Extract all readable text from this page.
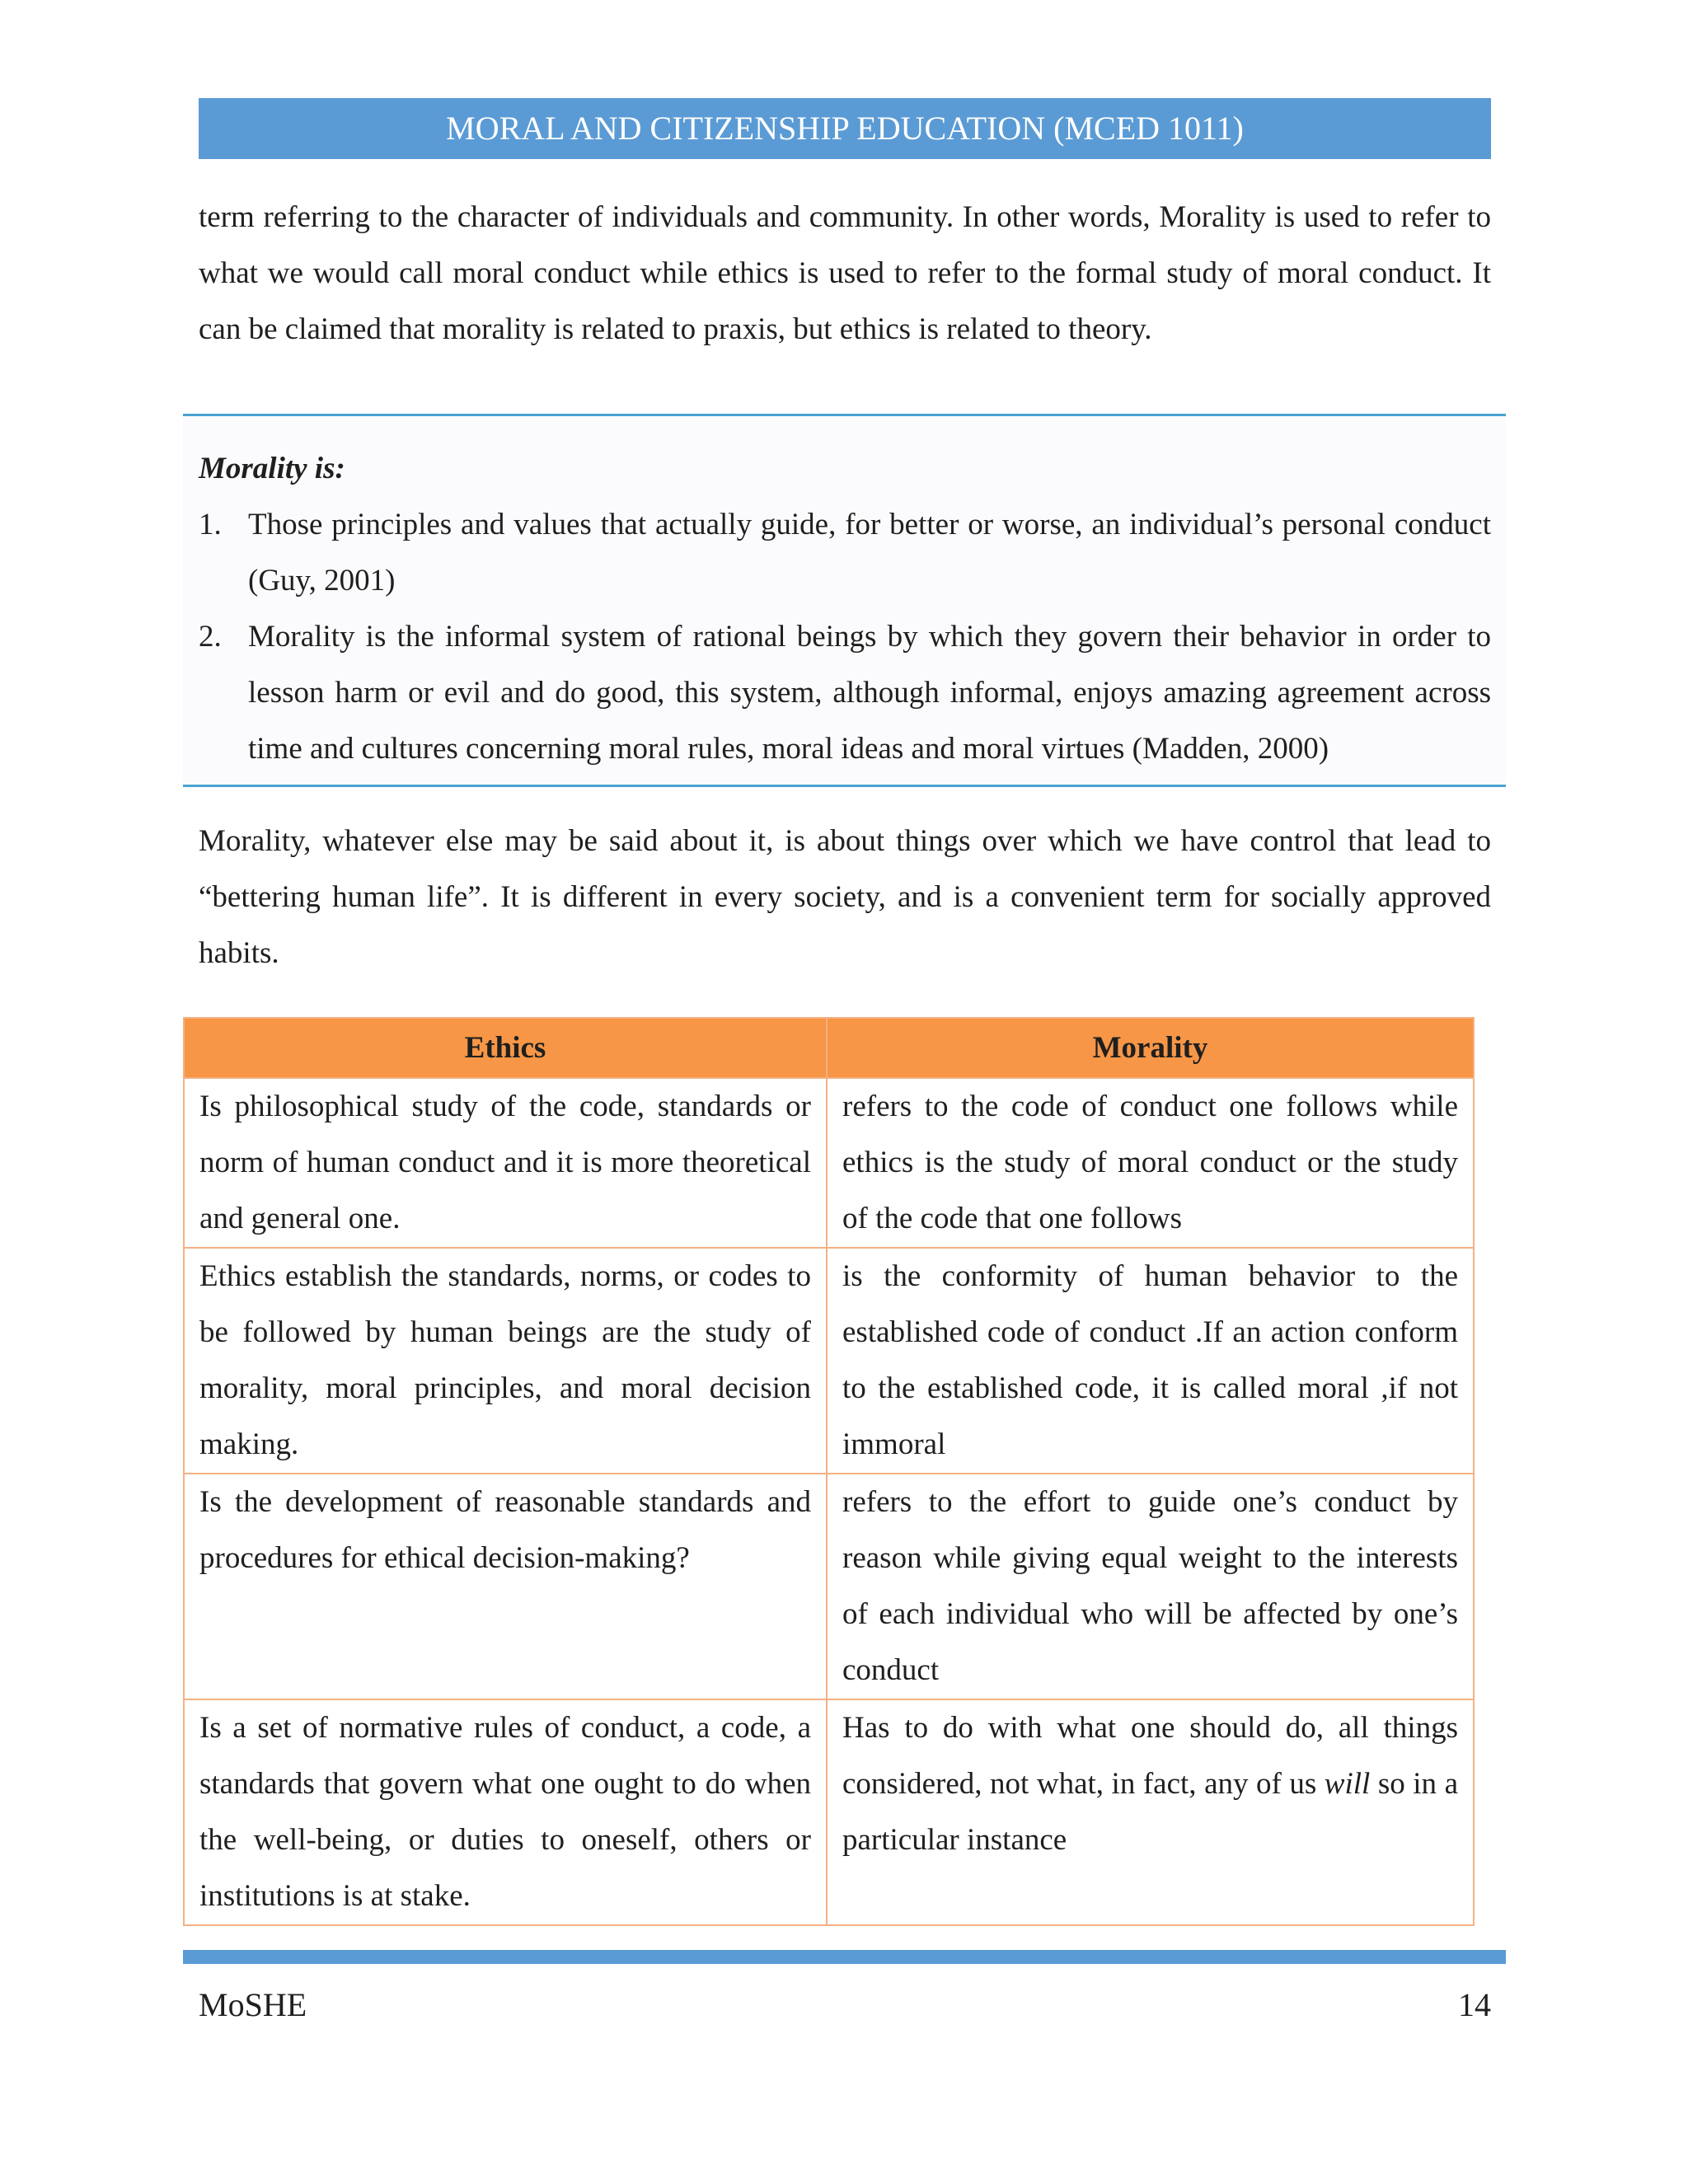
MORAL AND CITIZENSHIP EDUCATION (MCED 1011)

term referring to the character of individuals and community. In other words, Morality is used to refer to what we would call moral conduct while ethics is used to refer to the formal study of moral conduct. It can be claimed that morality is related to praxis, but ethics is related to theory.

Morality is:
1. Those principles and values that actually guide, for better or worse, an individual’s personal conduct (Guy, 2001)
2. Morality is the informal system of rational beings by which they govern their behavior in order to lesson harm or evil and do good, this system, although informal, enjoys amazing agreement across time and cultures concerning moral rules, moral ideas and moral virtues (Madden, 2000)

Morality, whatever else may be said about it, is about things over which we have control that lead to “bettering human life”. It is different in every society, and is a convenient term for socially approved habits.

Ethics	Morality
Is philosophical study of the code, standards or norm of human conduct and it is more theoretical and general one.	refers to the code of conduct one follows while ethics is the study of moral conduct or the study of the code that one follows
Ethics establish the standards, norms, or codes to be followed by human beings are the study of morality, moral principles, and moral decision making.	is the conformity of human behavior to the established code of conduct .If an action conform to the established code, it is called moral ,if not immoral
Is the development of reasonable standards and procedures for ethical decision-making?	refers to the effort to guide one’s conduct by reason while giving equal weight to the interests of each individual who will be affected by one’s conduct
Is a set of normative rules of conduct, a code, a standards that govern what one ought to do when the well-being, or duties to oneself, others or institutions is at stake.	Has to do with what one should do, all things considered, not what, in fact, any of us will so in a particular instance
MoSHE	14
